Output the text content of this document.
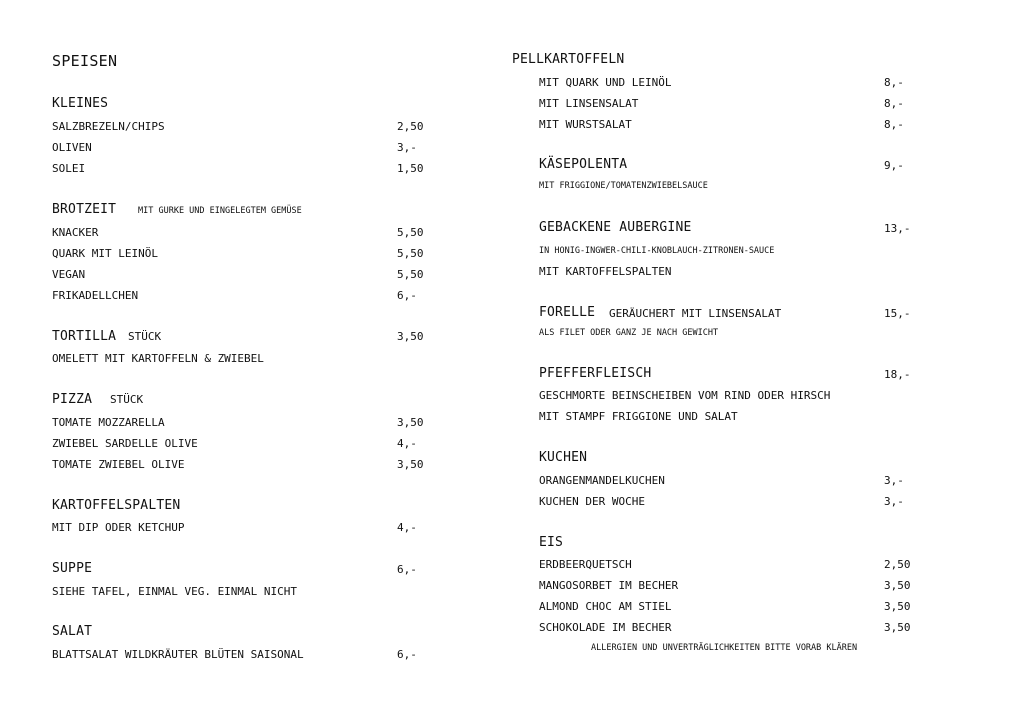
SPEISEN
KLEINES
SALZBREZELN/CHIPS	2,50
OLIVEN	3,-
SOLEI	1,50
BROTZEIT	MIT GURKE UND EINGELEGTEM GEMÜSE
KNACKER	5,50
QUARK MIT LEINÖL	5,50
VEGAN	5,50
FRIKADELLCHEN	6,-
TORTILLA STÜCK	3,50
OMELETT MIT KARTOFFELN & ZWIEBEL
PIZZA STÜCK
TOMATE MOZZARELLA	3,50
ZWIEBEL SARDELLE OLIVE	4,-
TOMATE ZWIEBEL OLIVE	3,50
KARTOFFELSPALTEN
MIT DIP ODER KETCHUP	4,-
SUPPE	6,-
SIEHE TAFEL, EINMAL VEG. EINMAL NICHT
SALAT
BLATTSALAT WILDKRÄUTER BLÜTEN SAISONAL	6,-
PELLKARTOFFELN
MIT QUARK UND LEINÖL	8,-
MIT LINSENSALAT	8,-
MIT WURSTSALAT	8,-
KÄSEPOLENTA	9,-
MIT FRIGGIONE/TOMATENZWIEBELSAUCE
GEBACKENE AUBERGINE	13,-
IN HONIG-INGWER-CHILI-KNOBLAUCH-ZITRONEN-SAUCE
MIT KARTOFFELSPALTEN
FORELLE GERÄUCHERT MIT LINSENSALAT	15,-
ALS FILET ODER GANZ JE NACH GEWICHT
PFEFFERFLEISCH	18,-
GESCHMORTE BEINSCHEIBEN VOM RIND ODER HIRSCH
MIT STAMPF FRIGGIONE UND SALAT
KUCHEN
ORANGENMANDELKUCHEN	3,-
KUCHEN DER WOCHE	3,-
EIS
ERDBEERQUETSCH	2,50
MANGOSORBET IM BECHER	3,50
ALMOND CHOC AM STIEL	3,50
SCHOKOLADE IM BECHER	3,50
ALLERGIEN UND UNVERTRÄGLICHKEITEN BITTE VORAB KLÄREN
